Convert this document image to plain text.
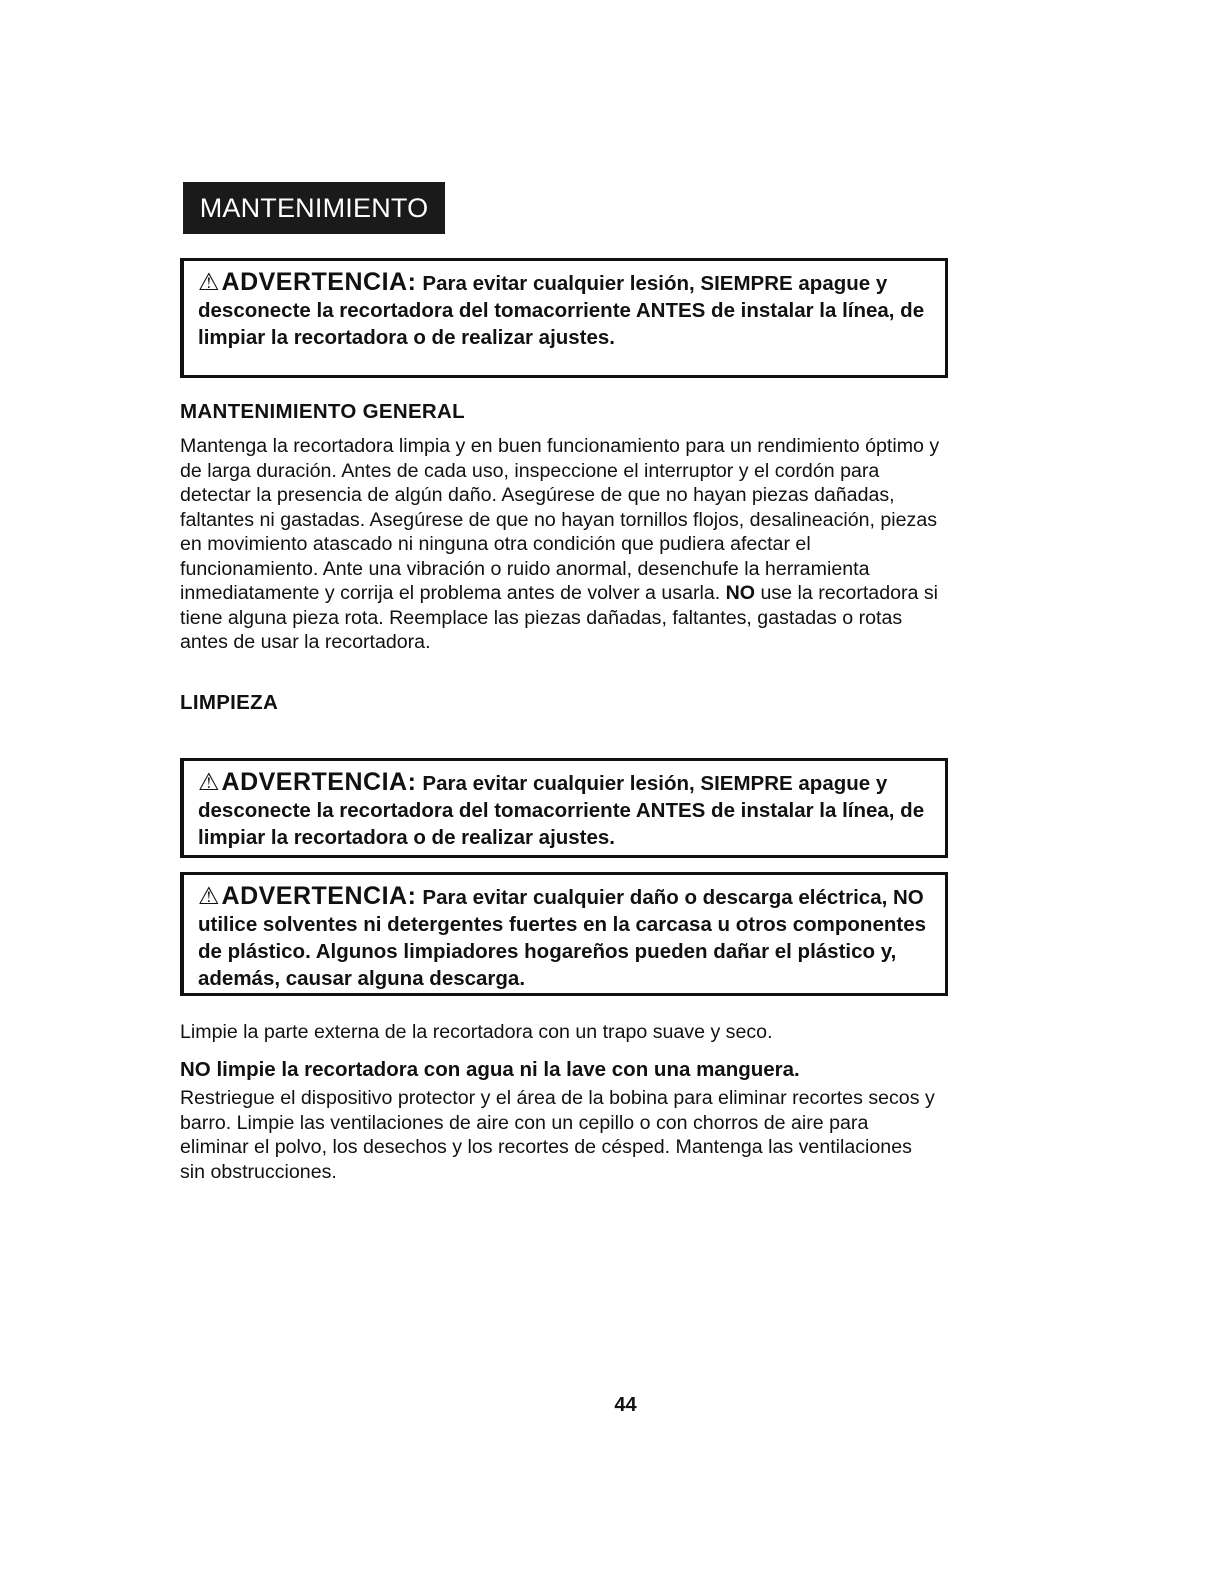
MANTENIMIENTO
⚠ADVERTENCIA: Para evitar cualquier lesión, SIEMPRE apague y desconecte la recortadora del tomacorriente ANTES de instalar la línea, de limpiar la recortadora o de realizar ajustes.
MANTENIMIENTO GENERAL
Mantenga la recortadora limpia y en buen funcionamiento para un rendimiento óptimo y de larga duración. Antes de cada uso, inspeccione el interruptor y el cordón para detectar la presencia de algún daño. Asegúrese de que no hayan piezas dañadas, faltantes ni gastadas. Asegúrese de que no hayan tornillos flojos, desalineación, piezas en movimiento atascado ni ninguna otra condición que pudiera afectar el funcionamiento. Ante una vibración o ruido anormal, desenchufe la herramienta inmediatamente y corrija el problema antes de volver a usarla. NO use la recortadora si tiene alguna pieza rota. Reemplace las piezas dañadas, faltantes, gastadas o rotas antes de usar la recortadora.
LIMPIEZA
⚠ADVERTENCIA: Para evitar cualquier lesión, SIEMPRE apague y desconecte la recortadora del tomacorriente ANTES de instalar la línea, de limpiar la recortadora o de realizar ajustes.
⚠ADVERTENCIA: Para evitar cualquier daño o descarga eléctrica, NO utilice solventes ni detergentes fuertes en la carcasa u otros componentes de plástico. Algunos limpiadores hogareños pueden dañar el plástico y, además, causar alguna descarga.
Limpie la parte externa de la recortadora con un trapo suave y seco.
NO limpie la recortadora con agua ni la lave con una manguera.
Restriegue el dispositivo protector y el área de la bobina para eliminar recortes secos y barro. Limpie las ventilaciones de aire con un cepillo o con chorros de aire para eliminar el polvo, los desechos y los recortes de césped. Mantenga las ventilaciones sin obstrucciones.
44
